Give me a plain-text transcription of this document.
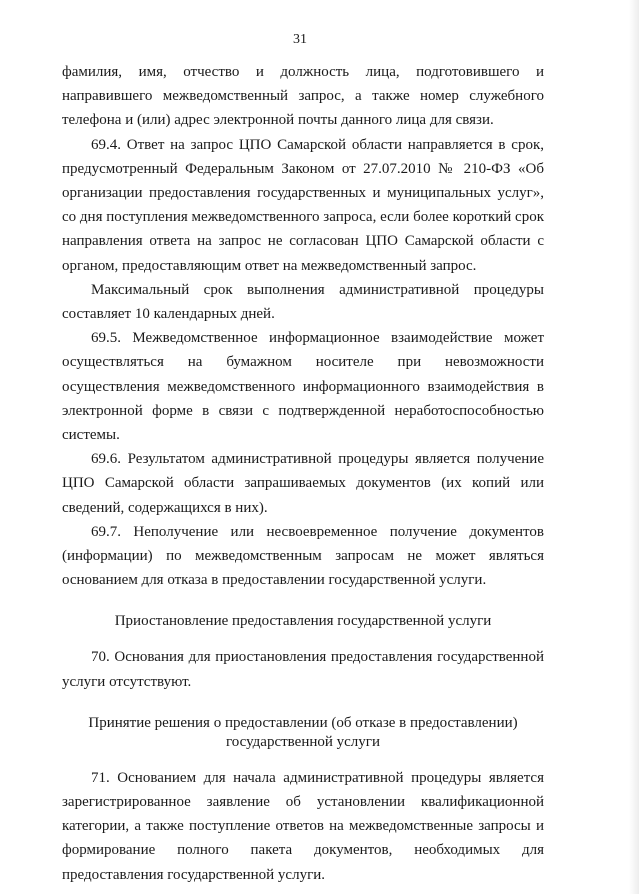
31

фамилия, имя, отчество и должность лица, подготовившего и направившего межведомственный запрос, а также номер служебного телефона и (или) адрес электронной почты данного лица для связи.

69.4. Ответ на запрос ЦПО Самарской области направляется в срок, предусмотренный Федеральным Законом от 27.07.2010 № 210-ФЗ «Об организации предоставления государственных и муниципальных услуг», со дня поступления межведомственного запроса, если более короткий срок направления ответа на запрос не согласован ЦПО Самарской области с органом, предоставляющим ответ на межведомственный запрос.

Максимальный срок выполнения административной процедуры составляет 10 календарных дней.

69.5. Межведомственное информационное взаимодействие может осуществляться на бумажном носителе при невозможности осуществления межведомственного информационного взаимодействия в электронной форме в связи с подтвержденной неработоспособностью системы.

69.6. Результатом административной процедуры является получение ЦПО Самарской области запрашиваемых документов (их копий или сведений, содержащихся в них).

69.7. Неполучение или несвоевременное получение документов (информации) по межведомственным запросам не может являться основанием для отказа в предоставлении государственной услуги.

Приостановление предоставления государственной услуги

70. Основания для приостановления предоставления государственной услуги отсутствуют.

Принятие решения о предоставлении (об отказе в предоставлении)

государственной услуги

71. Основанием для начала административной процедуры является зарегистрированное заявление об установлении квалификационной категории, а также поступление ответов на межведомственные запросы и формирование полного пакета документов, необходимых для предоставления государственной услуги.
